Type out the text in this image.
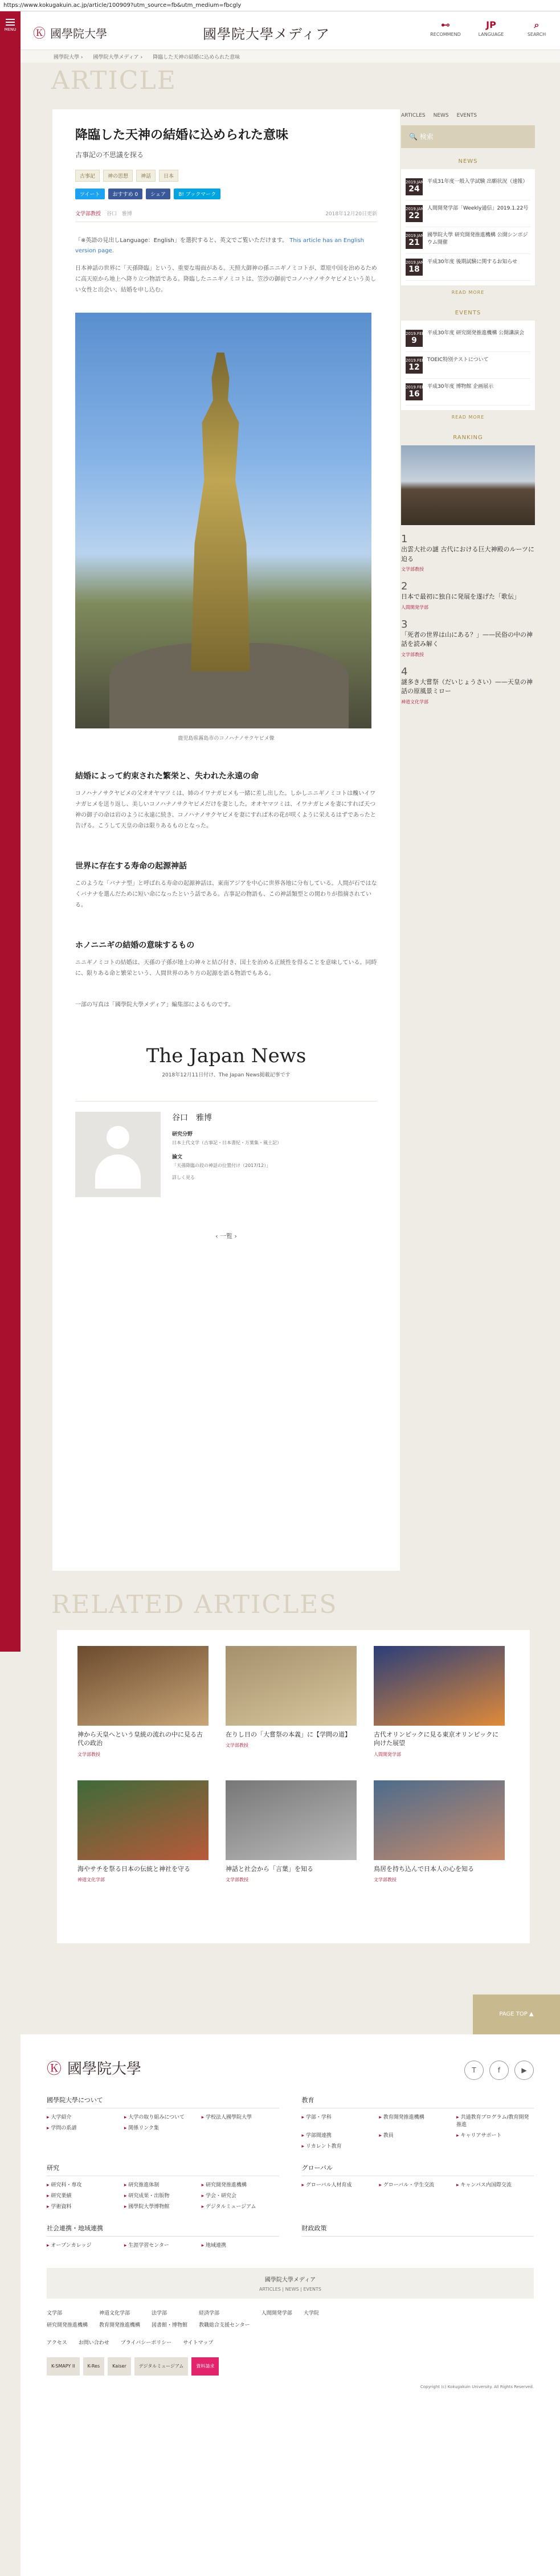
https://www.kokugakuin.ac.jp/article/100909?utm_source=fb&utm_medium=fbcgly
MENU	Ⓚ 國學院大學	國學院大學メディア
⊷
RECOMMEND
JP
LANGUAGE
⌕
SEARCH
國學院大學 › 國學院大學メディア › 降臨した天神の結婚に込められた意味
ARTICLE
降臨した天神の結婚に込められた意味
古事記の不思議を探る
古事記	神の思想	神話	日本
ツイート	おすすめ 0	シェア	B! ブックマーク
文学部教授 谷口　雅博	2018年12月20日更新

「※英語の見出しLanguage：English」を選択すると、英文でご覧いただけます。 This article has an English version page.

日本神話の世界に「天孫降臨」という、重要な場面がある。天照大御神の孫ニニギノミコトが、葦原中国を治めるために高天原から地上へ降り立つ物語である。降臨したニニギノミコトは、笠沙の御前でコノハナノサクヤビメという美しい女性と出会い、結婚を申し込む。

鹿児島県霧島市のコノハナノサクヤビメ像
結婚によって約束された繁栄と、失われた永遠の命

コノハナノサクヤビメの父オオヤマツミは、姉のイワナガヒメも一緒に差し出した。しかしニニギノミコトは醜いイワナガヒメを送り返し、美しいコノハナノサクヤビメだけを妻とした。オオヤマツミは、イワナガヒメを妻にすれば天つ神の御子の命は岩のように永遠に続き、コノハナノサクヤビメを妻にすれば木の花が咲くように栄えるはずであったと告げる。こうして天皇の命は限りあるものとなった。

世界に存在する寿命の起源神話

このような「バナナ型」と呼ばれる寿命の起源神話は、東南アジアを中心に世界各地に分布している。人間が石ではなくバナナを選んだために短い命になったという話である。古事記の物語も、この神話類型との関わりが指摘されている。

ホノニニギの結婚の意味するもの

ニニギノミコトの結婚は、天孫の子孫が地上の神々と結び付き、国土を治める正統性を得ることを意味している。同時に、限りある命と繁栄という、人間世界のあり方の起源を語る物語でもある。

一部の写真は「國學院大學メディア」編集部によるものです。

The Japan News
2018年12月11日付け、The Japan News掲載記事です
谷口　雅博
研究分野
日本上代文学（古事記・日本書紀・万葉集・風土記）
論文
「天孫降臨の段の神話の位置付け（2017/12）」
詳しく見る
‹ 一覧 ›
ARTICLES NEWS EVENTS
🔍 検索
NEWS
2019.JAN
24
平成31年度一般入学試験 出願状況（速報）
2019.JAN
22
人間開発学部「Weekly通信」2019.1.22号
2019.JAN
21
國學院大學 研究開発推進機構 公開シンポジウム開催
2019.JAN
18
平成30年度 後期試験に関するお知らせ
READ MORE
EVENTS
2019.FEB
9
平成30年度 研究開発推進機構 公開講演会
2019.FEB
12
TOEIC特別テストについて
2019.FEB
16
平成30年度 博物館 企画展示
READ MORE
RANKING
1
出雲大社の謎 古代における巨大神殿のルーツに迫る
文学部教授
2
日本で最初に独自に発展を遂げた「歌伝」
人間開発学部
3
「死者の世界は山にある？」——民俗の中の神話を読み解く
文学部教授
4
謎多き大嘗祭（だいじょうさい）——天皇の神話の原風景ミロー
神道文化学部
RELATED ARTICLES
神から天皇へという皇統の流れの中に見る古代の政治
文学部教授
在りし日の「大嘗祭の本義」に【学問の道】
文学部教授
古代オリンピックに見る東京オリンピックに向けた展望
人間開発学部
海やサチを祭る日本の伝統と神社を守る
神道文化学部
神話と社会から「言葉」を知る
文学部教授
鳥居を持ち込んで日本人の心を知る
文学部教授
PAGE TOP ▲
Ⓚ 國學院大學	T	f	▶
國學院大學について
▸ 大学紹介	▸ 大学の取り組みについて	▸ 学校法人國學院大學
▸ 学問の系譜	▸ 関係リンク集
教育
▸ 学部・学科	▸ 教育開発推進機構	▸ 共通教育プログラム/教育開発推進
▸ 学部間連携	▸ 教員	▸ キャリアサポート
▸ リカレント教育
研究
▸ 研究科・専攻	▸ 研究推進体制	▸ 研究開発推進機構
▸ 研究業績	▸ 研究成果・出版物	▸ 学会・研究会
▸ 学術資料	▸ 國學院大學博物館	▸ デジタルミュージアム
グローバル
▸ グローバル人材育成	▸ グローバル・学生交流	▸ キャンパス内国際交流
社会連携・地域連携
▸ オープンカレッジ	▸ 生涯学習センター	▸ 地域連携
財政政策
國學院大學メディア
ARTICLES | NEWS | EVENTS
文学部	神道文化学部	法学部	経済学部	人間開発学部 大学院
研究開発推進機構 教育開発推進機構 図書館・博物館 教職総合支援センター
アクセス お問い合わせ プライバシーポリシー サイトマップ
K-SMAPY II	K-Res	Kaiser	デジタルミュージアム	資料請求
Copyright (c) Kokugakuin University. All Rights Reserved.
